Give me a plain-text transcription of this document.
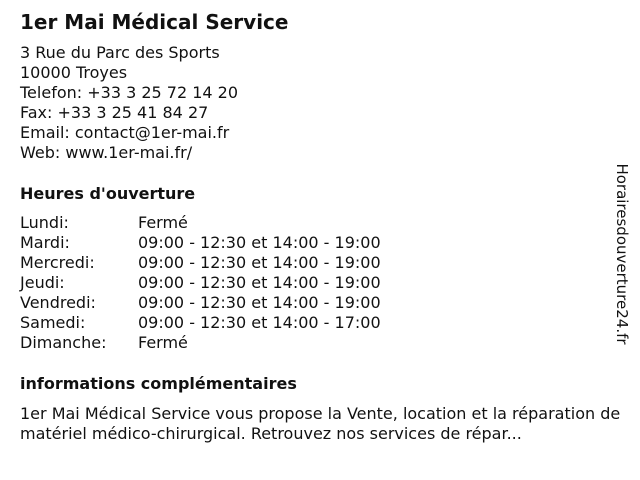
1er Mai Médical Service
3 Rue du Parc des Sports
10000 Troyes
Telefon: +33 3 25 72 14 20
Fax: +33 3 25 41 84 27
Email: contact@1er-mai.fr
Web: www.1er-mai.fr/
Heures d'ouverture
Lundi:	Fermé
Mardi:	09:00 - 12:30 et 14:00 - 19:00
Mercredi:	09:00 - 12:30 et 14:00 - 19:00
Jeudi:	09:00 - 12:30 et 14:00 - 19:00
Vendredi:	09:00 - 12:30 et 14:00 - 19:00
Samedi:	09:00 - 12:30 et 14:00 - 17:00
Dimanche:	Fermé
informations complémentaires

1er Mai Médical Service vous propose la Vente, location et la réparation de matériel médico-chirurgical. Retrouvez nos services de répar...

Horairesdouverture24.fr
